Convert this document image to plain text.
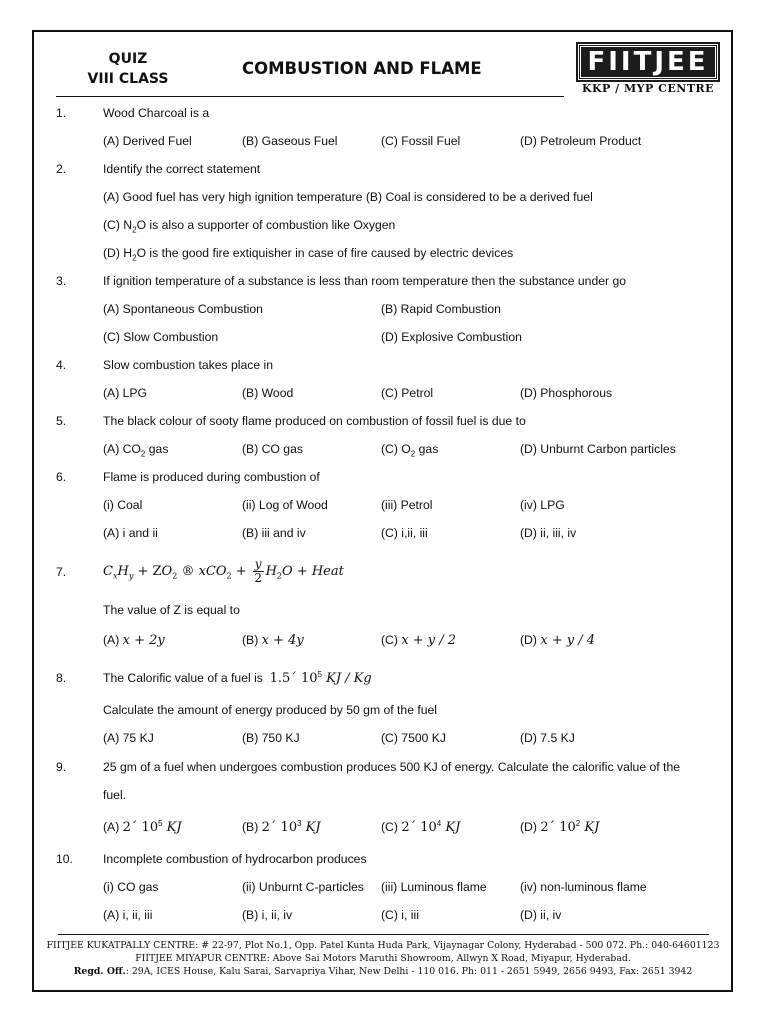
QUIZ
VIII CLASS
COMBUSTION AND FLAME	FIITJEE
KKP / MYP CENTRE
1.	Wood Charcoal is a
(A) Derived Fuel	(B) Gaseous Fuel	(C) Fossil Fuel	(D) Petroleum Product
2.	Identify the correct statement
(A) Good fuel has very high ignition temperature (B) Coal is considered to be a derived fuel
(C) $N_2O$ is also a supporter of combustion like Oxygen
(D) $H_2O$ is the good fire extiquisher in case of fire caused by electric devices
3.	If ignition temperature of a substance is less than room temperature then the substance under go
(A) Spontaneous Combustion	(B) Rapid Combustion
(C) Slow Combustion	(D) Explosive Combustion
4.	Slow combustion takes place in
(A) LPG	(B) Wood	(C) Petrol	(D) Phosphorous
5.	The black colour of sooty flame produced on combustion of fossil fuel is due to
(A) $CO_2$ gas	(B) CO gas	(C) $O_2$ gas	(D) Unburnt Carbon particles
6.	Flame is produced during combustion of
(i) Coal	(ii) Log of Wood	(iii) Petrol	(iv) LPG
(A) i and ii	(B) iii and iv	(C) i,ii, iii	(D) ii, iii, iv
7.	$C_xH_y + ZO_2$ ® $xCO_2 + \frac{y}{2} H_2O$ + Heat
The value of Z is equal to
(A) x + 2y	(B) x + 4y	(C) x + y / 2	(D) x + y / 4
8.	The Calorific value of a fuel is 1.5´ $10^5$ KJ / Kg
Calculate the amount of energy produced by 50 gm of the fuel
(A) 75 KJ	(B) 750 KJ	(C) 7500 KJ	(D) 7.5 KJ
9.	25 gm of a fuel when undergoes combustion produces 500 KJ of energy. Calculate the calorific value of the
fuel.
(A) 2´ $10^5$ KJ	(B) 2´ $10^3$ KJ	(C) 2´ $10^4$ KJ	(D) 2´ $10^2$ KJ
10. Incomplete combustion of hydrocarbon produces
(i) CO gas	(ii) Unburnt C-particles (iii) Luminous flame	(iv) non-luminous flame
(A) i, ii, iii	(B) i, ii, iv	(C) i, iii	(D) ii, iv
FIITJEE KUKATPALLY CENTRE: # 22-97, Plot No.1, Opp. Patel Kunta Huda Park, Vijaynagar Colony, Hyderabad - 500 072. Ph.: 040-64601123
FIITJEE MIYAPUR CENTRE: Above Sai Motors Maruthi Showroom, Allwyn X Road, Miyapur, Hyderabad.
Regd. Off.: 29A, ICES House, Kalu Sarai, Sarvapriya Vihar, New Delhi - 110 016. Ph: 011 - 2651 5949, 2656 9493, Fax: 2651 3942
